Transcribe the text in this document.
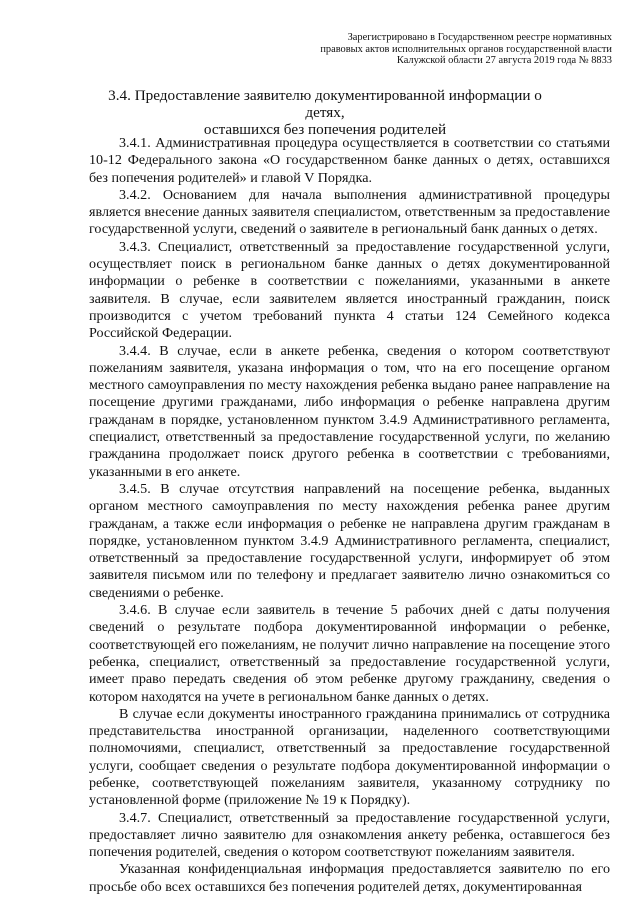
Зарегистрировано в Государственном реестре нормативных
правовых актов исполнительных органов государственной власти
Калужской области 27 августа 2019 года № 8833
3.4. Предоставление заявителю документированной информации о детях,
оставшихся без попечения родителей

3.4.1. Административная процедура осуществляется в соответствии со статьями 10-12 Федерального закона «О государственном банке данных о детях, оставшихся без попечения родителей» и главой V Порядка.

3.4.2. Основанием для начала выполнения административной процедуры является внесение данных заявителя специалистом, ответственным за предоставление государственной услуги, сведений о заявителе в региональный банк данных о детях.

3.4.3. Специалист, ответственный за предоставление государственной услуги, осуществляет поиск в региональном банке данных о детях документированной информации о ребенке в соответствии с пожеланиями, указанными в анкете заявителя. В случае, если заявителем является иностранный гражданин, поиск производится с учетом требований пункта 4 статьи 124 Семейного кодекса Российской Федерации.

3.4.4. В случае, если в анкете ребенка, сведения о котором соответствуют пожеланиям заявителя, указана информация о том, что на его посещение органом местного самоуправления по месту нахождения ребенка выдано ранее направление на посещение другими гражданами, либо информация о ребенке направлена другим гражданам в порядке, установленном пунктом 3.4.9 Административного регламента, специалист, ответственный за предоставление государственной услуги, по желанию гражданина продолжает поиск другого ребенка в соответствии с требованиями, указанными в его анкете.

3.4.5. В случае отсутствия направлений на посещение ребенка, выданных органом местного самоуправления по месту нахождения ребенка ранее другим гражданам, а также если информация о ребенке не направлена другим гражданам в порядке, установленном пунктом 3.4.9 Административного регламента, специалист, ответственный за предоставление государственной услуги, информирует об этом заявителя письмом или по телефону и предлагает заявителю лично ознакомиться со сведениями о ребенке.

3.4.6. В случае если заявитель в течение 5 рабочих дней с даты получения сведений о результате подбора документированной информации о ребенке, соответствующей его пожеланиям, не получит лично направление на посещение этого ребенка, специалист, ответственный за предоставление государственной услуги, имеет право передать сведения об этом ребенке другому гражданину, сведения о котором находятся на учете в региональном банке данных о детях.

В случае если документы иностранного гражданина принимались от сотрудника представительства иностранной организации, наделенного соответствующими полномочиями, специалист, ответственный за предоставление государственной услуги, сообщает сведения о результате подбора документированной информации о ребенке, соответствующей пожеланиям заявителя, указанному сотруднику по установленной форме (приложение № 19 к Порядку).

3.4.7. Специалист, ответственный за предоставление государственной услуги, предоставляет лично заявителю для ознакомления анкету ребенка, оставшегося без попечения родителей, сведения о котором соответствуют пожеланиям заявителя.

Указанная конфиденциальная информация предоставляется заявителю по его просьбе обо всех оставшихся без попечения родителей детях, документированная
